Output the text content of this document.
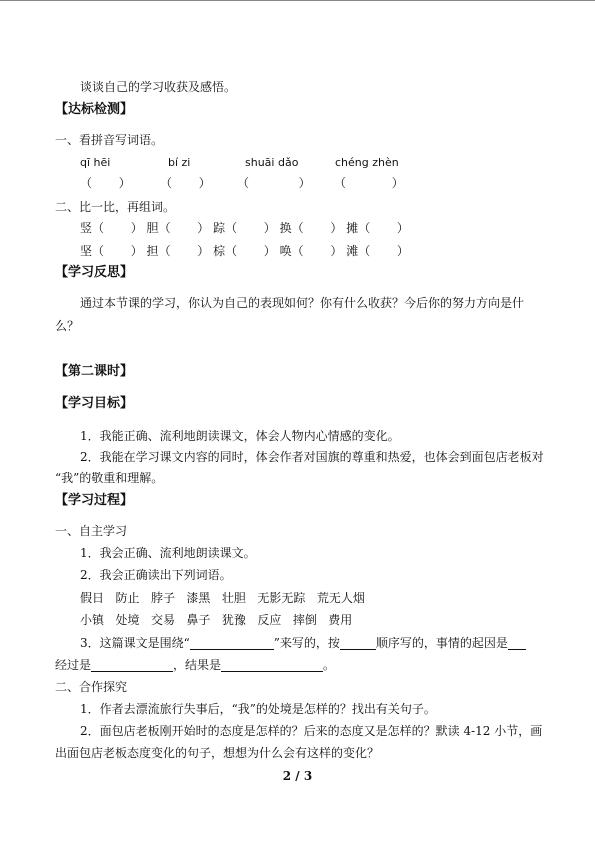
谈谈自己的学习收获及感悟。
【达标检测】
一、看拼音写词语。
qī hēi	bí zi	shuāi dǎo	chéng zhèn
（       ） （       ） （             ） （            ）
二、比一比，再组词。
竖（       ） 胆（       ） 踪（       ） 换（       ） 摊（       ）
坚（       ） 担（       ） 棕（       ） 唤（       ） 滩（       ）
【学习反思】
通过本节课的学习，你认为自己的表现如何？你有什么收获？今后你的努力方向是什
么？
【第二课时】
【学习目标】
1．我能正确、流利地朗读课文，体会人物内心情感的变化。
2．我能在学习课文内容的同时，体会作者对国旗的尊重和热爱，也体会到面包店老板对
“我”的敬重和理解。
【学习过程】
一、自主学习
1．我会正确、流利地朗读课文。
2．我会正确读出下列词语。
假日 防止 脖子 漆黑 壮胆 无影无踪 荒无人烟
小镇 处境 交易 鼻子 犹豫 反应 摔倒 费用
3．这篇课文是围绕“	”来写的，按	顺序写的，事情的起因是
经过是	，结果是	。
二、合作探究
1．作者去漂流旅行失事后，“我”的处境是怎样的？找出有关句子。
2．面包店老板刚开始时的态度是怎样的？后来的态度又是怎样的？默读 4-12 小节，画
出面包店老板态度变化的句子，想想为什么会有这样的变化？
2 / 3
